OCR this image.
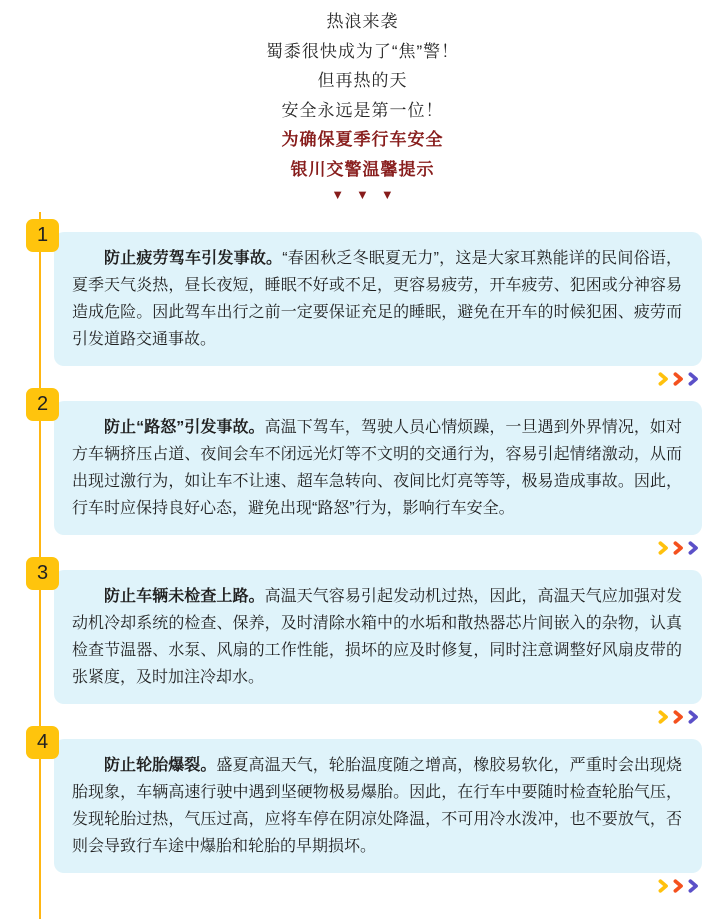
热浪来袭
蜀黍很快成为了“焦”警！
但再热的天
安全永远是第一位！
为确保夏季行车安全
银川交警温馨提示
▼▼▼
1

防止疲劳驾车引发事故。“春困秋乏冬眠夏无力”，这是大家耳熟能详的民间俗语，夏季天气炎热，昼长夜短，睡眠不好或不足，更容易疲劳，开车疲劳、犯困或分神容易造成危险。因此驾车出行之前一定要保证充足的睡眠，避免在开车的时候犯困、疲劳而引发道路交通事故。

2

防止“路怒”引发事故。高温下驾车，驾驶人员心情烦躁，一旦遇到外界情况，如对方车辆挤压占道、夜间会车不闭远光灯等不文明的交通行为，容易引起情绪激动，从而出现过激行为，如让车不让速、超车急转向、夜间比灯亮等等，极易造成事故。因此，行车时应保持良好心态，避免出现“路怒”行为，影响行车安全。

3

防止车辆未检查上路。高温天气容易引起发动机过热，因此，高温天气应加强对发动机冷却系统的检查、保养，及时清除水箱中的水垢和散热器芯片间嵌入的杂物，认真检查节温器、水泵、风扇的工作性能，损坏的应及时修复，同时注意调整好风扇皮带的张紧度，及时加注冷却水。

4

防止轮胎爆裂。盛夏高温天气，轮胎温度随之增高，橡胶易软化，严重时会出现烧胎现象，车辆高速行驶中遇到坚硬物极易爆胎。因此，在行车中要随时检查轮胎气压，发现轮胎过热，气压过高，应将车停在阴凉处降温，不可用冷水泼冲，也不要放气，否则会导致行车途中爆胎和轮胎的早期损坏。
